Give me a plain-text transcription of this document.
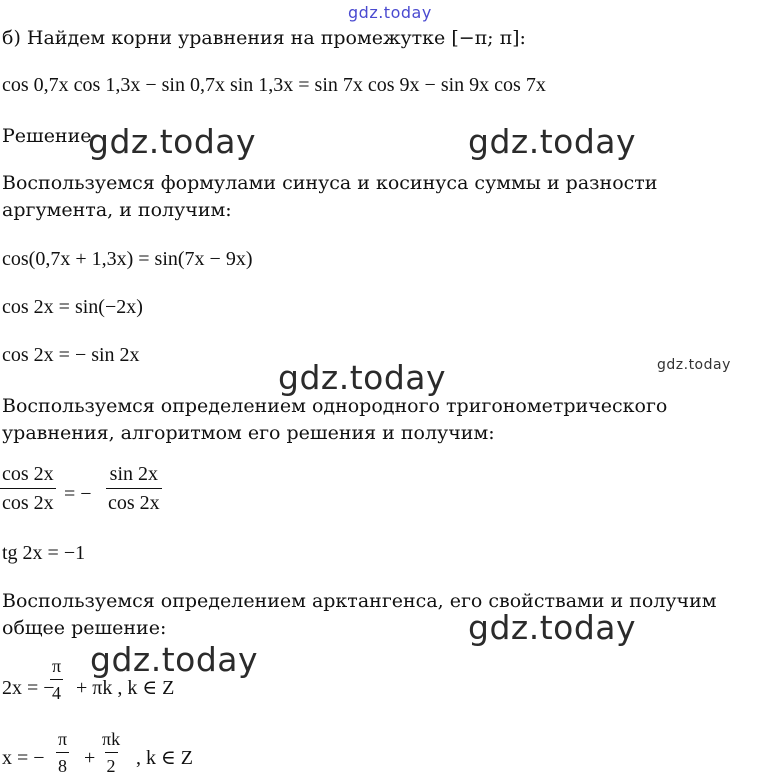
gdz.today
gdz.today	gdz.today
gdz.today	gdz.today
gdz.today
gdz.today
б) Найдем корни уравнения на промежутке [−π; π]:
cos 0,7x cos 1,3x − sin 0,7x sin 1,3x = sin 7x cos 9x − sin 9x cos 7x
Решение
Воспользуемся формулами синуса и косинуса суммы и разности аргумента, и получим:
cos(0,7x + 1,3x) = sin(7x − 9x)
cos 2x = sin(−2x)
cos 2x = − sin 2x
Воспользуемся определением однородного тригонометрического уравнения, алгоритмом его решения и получим:
$\frac{\cos 2x}{\cos 2x}$ = − $\frac{\sin 2x}{\cos 2x}$
tg 2x = −1
Воспользуемся определением арктангенса, его свойствами и получим общее решение:
2x = −
$\frac{\pi}{4} + \pi k$ , k ∈ Z
x = − $\frac{\pi}{8} + \frac{\pi k}{2}$ , k ∈ Z
